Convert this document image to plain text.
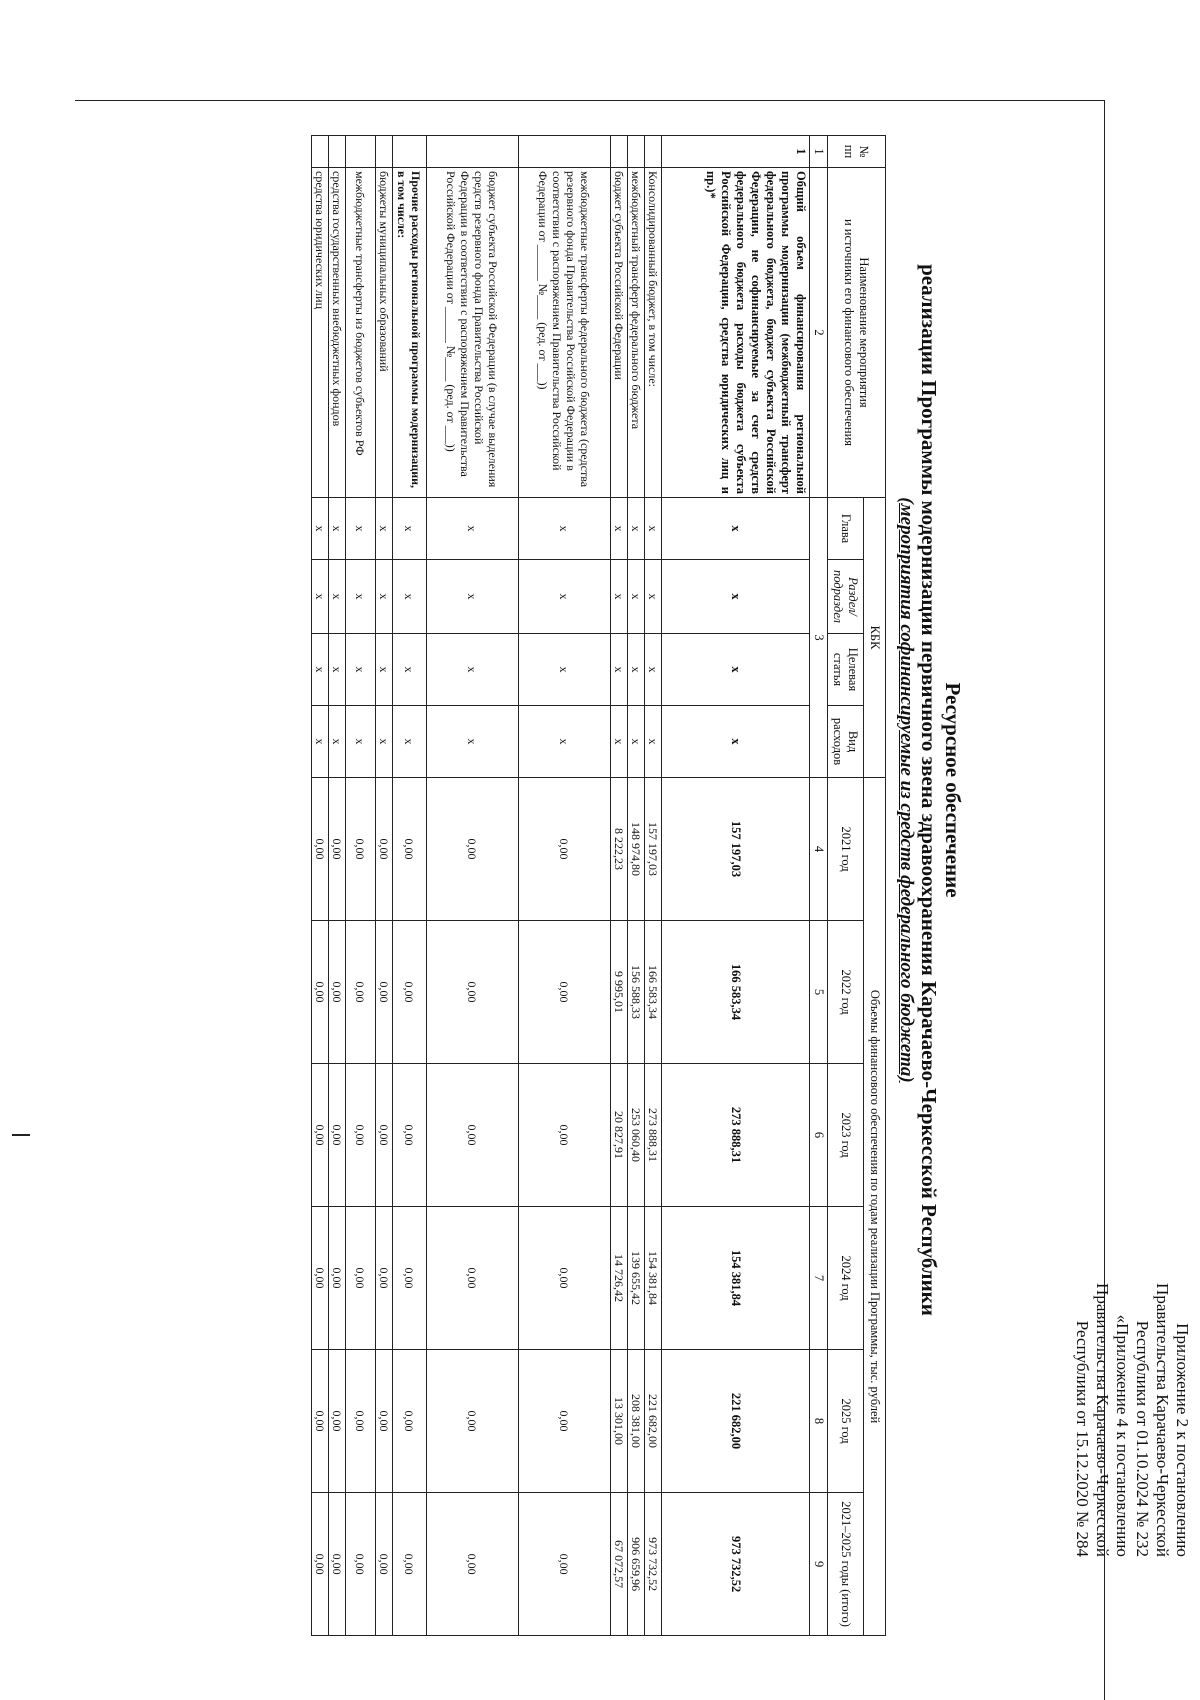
Приложение 2 к постановлению
Правительства Карачаево-Черкесской
Республики от 01.10.2024 № 232
«Приложение 4 к постановлению
Правительства Карачаево-Черкесской
Республики от 15.12.2020 № 284
Ресурсное обеспечение
реализации Программы модернизации первичного звена здравоохранения Карачаево-Черкесской Республики
(мероприятия софинансируемые из средств федерального бюджета)
№ пп	Наименование мероприятия
и источники его финансового обеспечения	КБК				Объемы финансового обеспечения по годам реализации Программы, тыс. рублей					
		Глава	Раздел/ подраздел	Целевая статья	Вид расходов	2021 год	2022 год	2023 год	2024 год	2025 год	2021–2025 годы (итого)
1	2	3				4	5	6	7	8	9
1	Общий объем финансирования региональной программы модернизации (межбюджетный трансферт федерального бюджета, бюджет субъекта Российской Федерации, не софинансируемые за счет средств федерального бюджета расходы бюджета субъекта Российской Федерации, средства юридических лиц и пр.)*	x	x	x	x	157 197,03	166 583,34	273 888,31	154 381,84	221 682,00	973 732,52
	Консолидированный бюджет, в том числе:	x	x	x	x	157 197,03	166 583,34	273 888,31	154 381,84	221 682,00	973 732,52
	межбюджетный трансферт федерального бюджета	x	x	x	x	148 974,80	156 588,33	253 060,40	139 655,42	208 381,00	906 659,96
	бюджет субъекта Российской Федерации	x	x	x	x	8 222,23	9 995,01	20 827,91	14 726,42	13 301,00	67 072,57
	межбюджетные трансферты федерального бюджета (средства резервного фонда Правительства Российской Федерации в соответствии с распоряжением Правительства Российской Федерации от ______ №____ (ред. от ___))	x	x	x	x	0,00	0,00	0,00	0,00	0,00	0,00
	бюджет субъекта Российской Федерации (в случае выделения средств резервного фонда Правительства Российской Федерации в соответствии с распоряжением Правительства Российской Федерации от ______ №____ (ред. от ___))	x	x	x	x	0,00	0,00	0,00	0,00	0,00	0,00
	Прочие расходы региональной программы модернизации, в том числе:	x	x	x	x	0,00	0,00	0,00	0,00	0,00	0,00
	бюджеты муниципальных образований	x	x	x	x	0,00	0,00	0,00	0,00	0,00	0,00
	межбюджетные трансферты из бюджетов субъектов РФ	x	x	x	x	0,00	0,00	0,00	0,00	0,00	0,00
	средства государственных внебюджетных фондов	x	x	x	x	0,00	0,00	0,00	0,00	0,00	0,00
	средства юридических лиц	x	x	x	x	0,00	0,00	0,00	0,00	0,00	0,00
